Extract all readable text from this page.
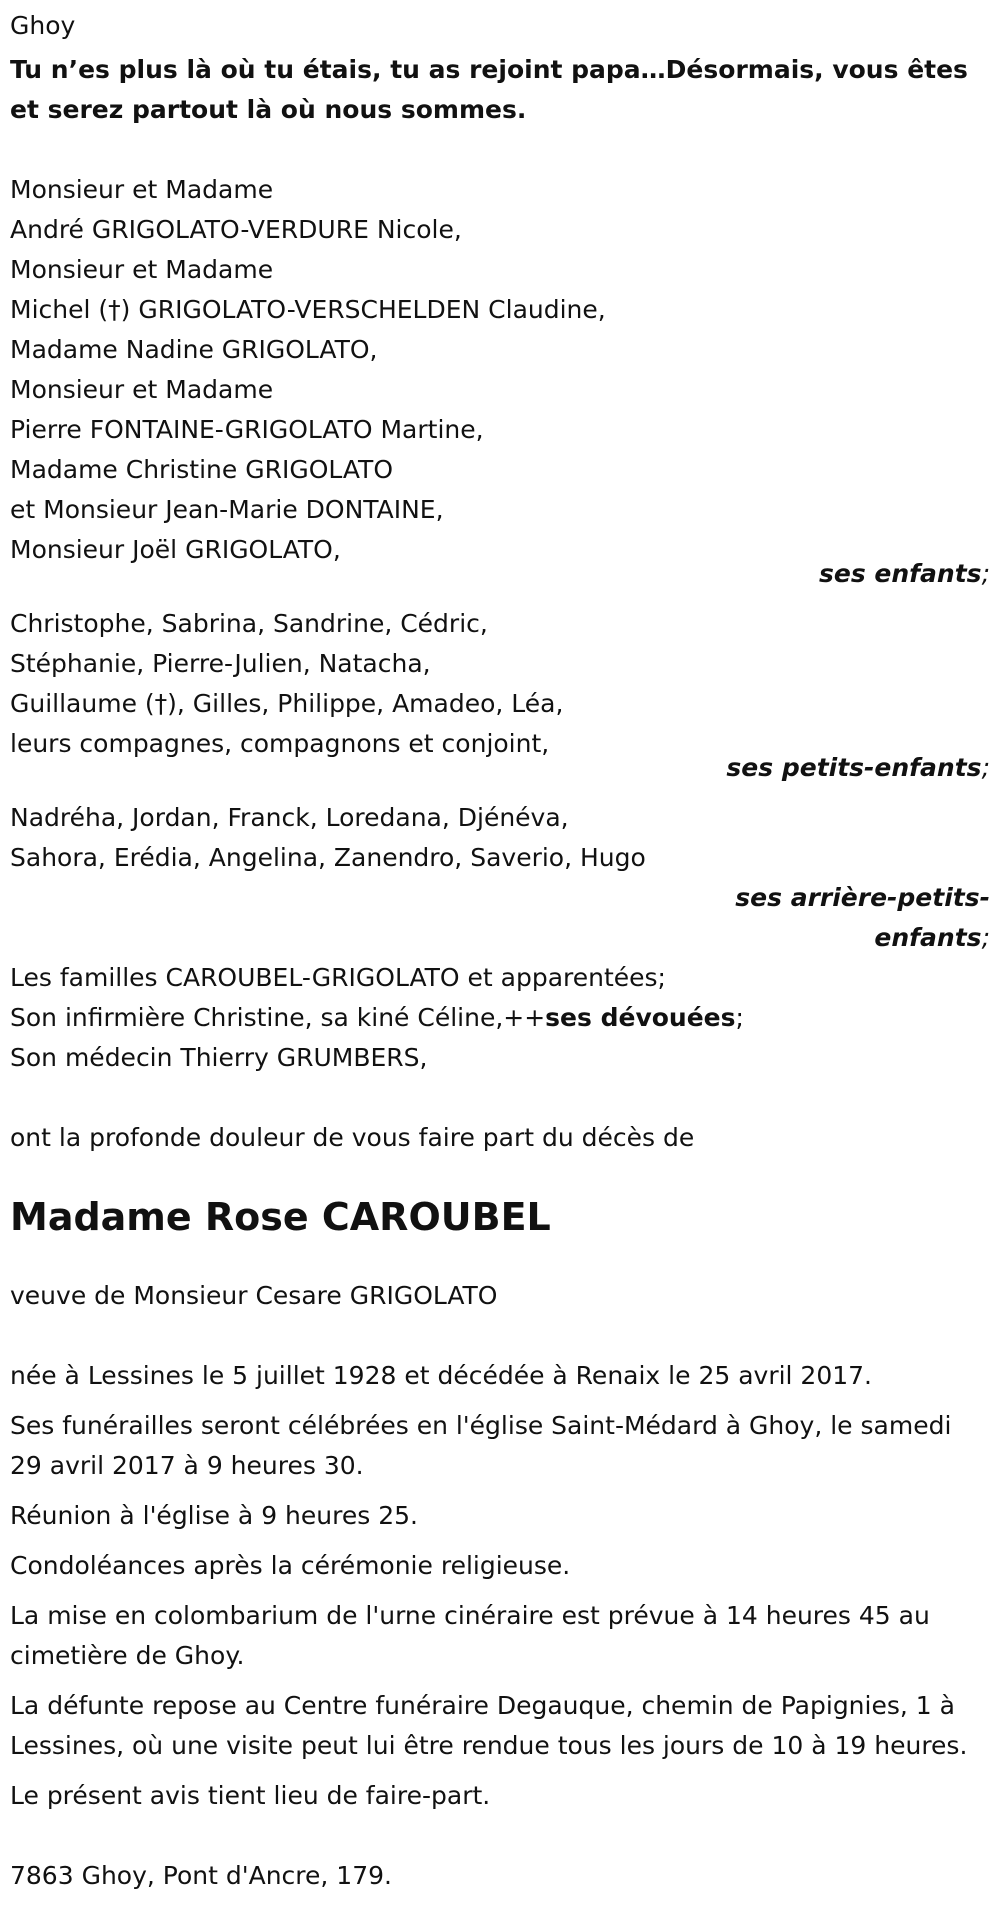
Ghoy
Tu n’es plus là où tu étais, tu as rejoint papa…Désormais, vous êtes et serez partout là où nous sommes.
Monsieur et Madame
André GRIGOLATO-VERDURE Nicole,
Monsieur et Madame
Michel (†) GRIGOLATO-VERSCHELDEN Claudine,
Madame Nadine GRIGOLATO,
Monsieur et Madame
Pierre FONTAINE-GRIGOLATO Martine,
Madame Christine GRIGOLATO
et Monsieur Jean-Marie DONTAINE,
Monsieur Joël GRIGOLATO,
ses enfants;
Christophe, Sabrina, Sandrine, Cédric,
Stéphanie, Pierre-Julien, Natacha,
Guillaume (†), Gilles, Philippe, Amadeo, Léa,
leurs compagnes, compagnons et conjoint,
ses petits-enfants;
Nadréha, Jordan, Franck, Loredana, Djénéva,
Sahora, Erédia, Angelina, Zanendro, Saverio, Hugo
ses arrière-petits-
enfants;
Les familles CAROUBEL-GRIGOLATO et apparentées;
Son infirmière Christine, sa kiné Céline,++ses dévouées;
Son médecin Thierry GRUMBERS,
ont la profonde douleur de vous faire part du décès de
Madame Rose CAROUBEL
veuve de Monsieur Cesare GRIGOLATO
née à Lessines le 5 juillet 1928 et décédée à Renaix le 25 avril 2017.
Ses funérailles seront célébrées en l'église Saint-Médard à Ghoy, le samedi 29 avril 2017 à 9 heures 30.
Réunion à l'église à 9 heures 25.
Condoléances après la cérémonie religieuse.
La mise en colombarium de l'urne cinéraire est prévue à 14 heures 45 au cimetière de Ghoy.
La défunte repose au Centre funéraire Degauque, chemin de Papignies, 1 à Lessines, où une visite peut lui être rendue tous les jours de 10 à 19 heures.
Le présent avis tient lieu de faire-part.
7863 Ghoy, Pont d'Ancre, 179.
